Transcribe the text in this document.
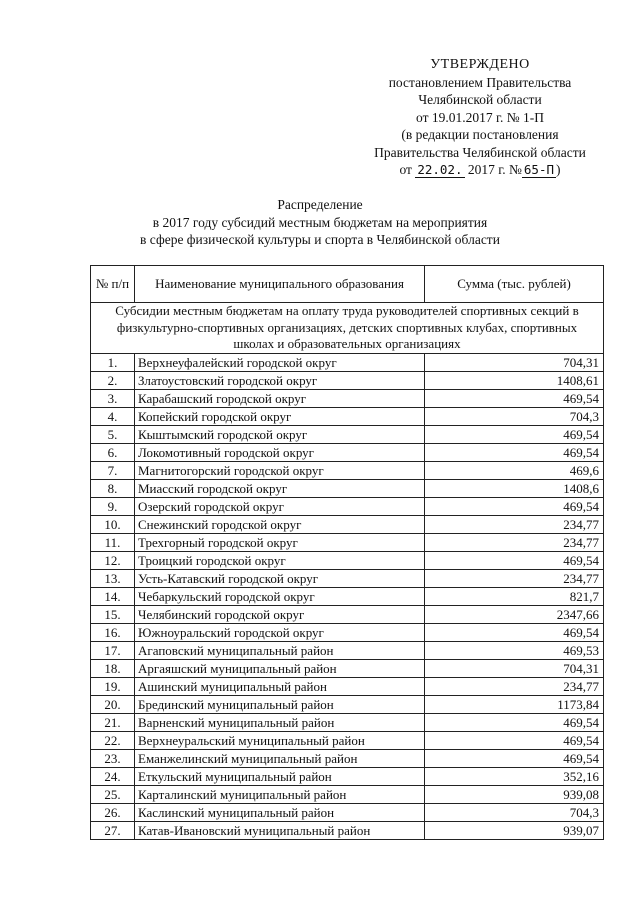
УТВЕРЖДЕНО
постановлением Правительства
Челябинской области
от 19.01.2017 г. № 1-П
(в редакции постановления
Правительства Челябинской области
от 22.02. 2017 г. № 65-П )
Распределение
в 2017 году субсидий местным бюджетам на мероприятия
в сфере физической культуры и спорта в Челябинской области
№ п/п	Наименование муниципального образования	Сумма (тыс. рублей)
Субсидии местным бюджетам на оплату труда руководителей спортивных секций в физкультурно-спортивных организациях, детских спортивных клубах, спортивных школах и образовательных организациях		
1.	Верхнеуфалейский городской округ	704,31
2.	Златоустовский городской округ	1408,61
3.	Карабашский городской округ	469,54
4.	Копейский городской округ	704,3
5.	Кыштымский городской округ	469,54
6.	Локомотивный городской округ	469,54
7.	Магнитогорский городской округ	469,6
8.	Миасский городской округ	1408,6
9.	Озерский городской округ	469,54
10.	Снежинский городской округ	234,77
11.	Трехгорный городской округ	234,77
12.	Троицкий городской округ	469,54
13.	Усть-Катавский городской округ	234,77
14.	Чебаркульский городской округ	821,7
15.	Челябинский городской округ	2347,66
16.	Южноуральский городской округ	469,54
17.	Агаповский муниципальный район	469,53
18.	Аргаяшский муниципальный район	704,31
19.	Ашинский муниципальный район	234,77
20.	Брединский муниципальный район	1173,84
21.	Варненский муниципальный район	469,54
22.	Верхнеуральский муниципальный район	469,54
23.	Еманжелинский муниципальный район	469,54
24.	Еткульский муниципальный район	352,16
25.	Карталинский муниципальный район	939,08
26.	Каслинский муниципальный район	704,3
27.	Катав-Ивановский муниципальный район	939,07
